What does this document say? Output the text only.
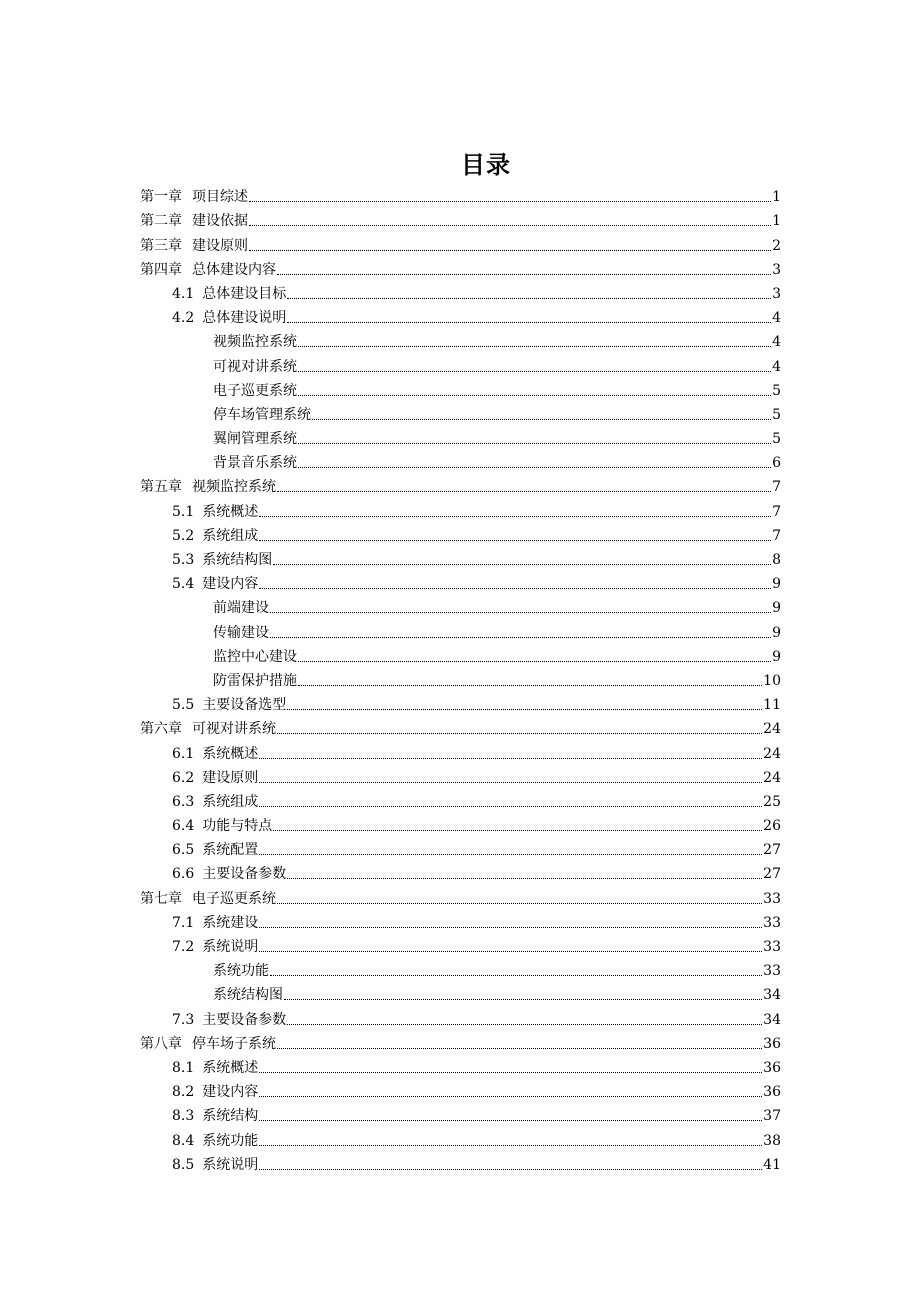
目录
第一章 项目综述	1
第二章 建设依据	1
第三章 建设原则	2
第四章 总体建设内容	3
4.1 总体建设目标	3
4.2 总体建设说明	4
视频监控系统	4
可视对讲系统	4
电子巡更系统	5
停车场管理系统	5
翼闸管理系统	5
背景音乐系统	6
第五章 视频监控系统	7
5.1 系统概述	7
5.2 系统组成	7
5.3 系统结构图	8
5.4 建设内容	9
前端建设	9
传输建设	9
监控中心建设	9
防雷保护措施	10
5.5 主要设备选型	11
第六章 可视对讲系统	24
6.1 系统概述	24
6.2 建设原则	24
6.3 系统组成	25
6.4 功能与特点	26
6.5 系统配置	27
6.6 主要设备参数	27
第七章 电子巡更系统	33
7.1 系统建设	33
7.2 系统说明	33
系统功能	33
系统结构图	34
7.3 主要设备参数	34
第八章 停车场子系统	36
8.1 系统概述	36
8.2 建设内容	36
8.3 系统结构	37
8.4 系统功能	38
8.5 系统说明	41
